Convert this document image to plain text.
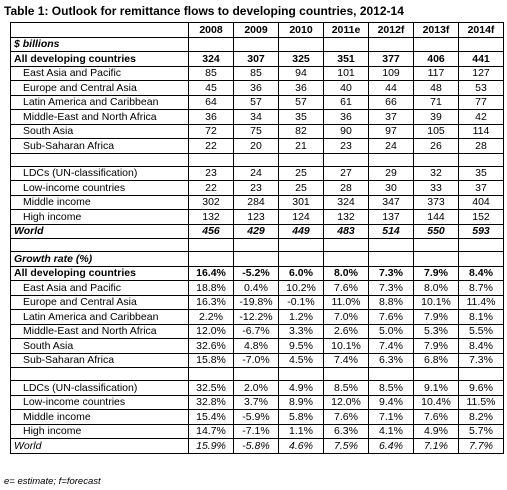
Table 1: Outlook for remittance flows to developing countries, 2012-14
	2008	2009	2010	2011e	2012f	2013f	2014f
$ billions							
All developing countries	324	307	325	351	377	406	441
East Asia and Pacific	85	85	94	101	109	117	127
Europe and Central Asia	45	36	36	40	44	48	53
Latin America and Caribbean	64	57	57	61	66	71	77
Middle-East and North Africa	36	34	35	36	37	39	42
South Asia	72	75	82	90	97	105	114
Sub-Saharan Africa	22	20	21	23	24	26	28

LDCs (UN-classification)	23	24	25	27	29	32	35
Low-income countries	22	23	25	28	30	33	37
Middle income	302	284	301	324	347	373	404
High income	132	123	124	132	137	144	152
World	456	429	449	483	514	550	593

Growth rate (%)							
All developing countries	16.4%	-5.2%	6.0%	8.0%	7.3%	7.9%	8.4%
East Asia and Pacific	18.8%	0.4%	10.2%	7.6%	7.3%	8.0%	8.7%
Europe and Central Asia	16.3%	-19.8%	-0.1%	11.0%	8.8%	10.1%	11.4%
Latin America and Caribbean	2.2%	-12.2%	1.2%	7.0%	7.6%	7.9%	8.1%
Middle-East and North Africa	12.0%	-6.7%	3.3%	2.6%	5.0%	5.3%	5.5%
South Asia	32.6%	4.8%	9.5%	10.1%	7.4%	7.9%	8.4%
Sub-Saharan Africa	15.8%	-7.0%	4.5%	7.4%	6.3%	6.8%	7.3%

LDCs (UN-classification)	32.5%	2.0%	4.9%	8.5%	8.5%	9.1%	9.6%
Low-income countries	32.8%	3.7%	8.9%	12.0%	9.4%	10.4%	11.5%
Middle income	15.4%	-5.9%	5.8%	7.6%	7.1%	7.6%	8.2%
High income	14.7%	-7.1%	1.1%	6.3%	4.1%	4.9%	5.7%
World	15.9%	-5.8%	4.6%	7.5%	6.4%	7.1%	7.7%
e= estimate; f=forecast
